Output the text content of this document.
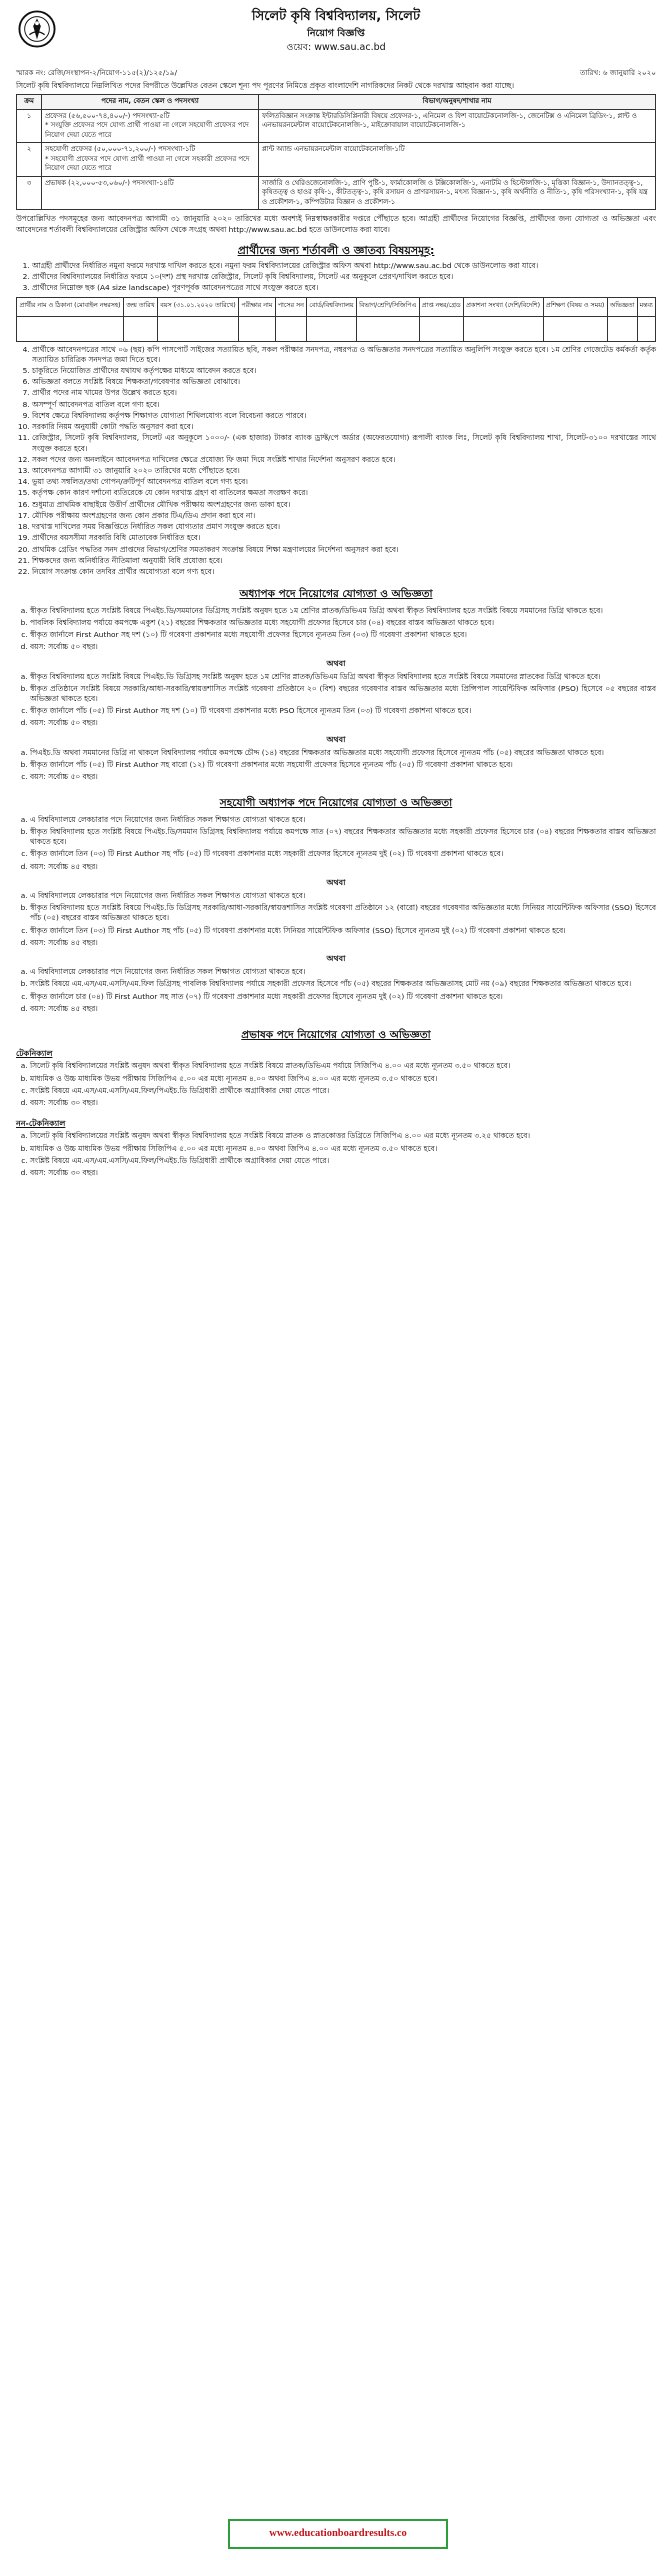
সিলেট কৃষি বিশ্ববিদ্যালয়, সিলেট
নিয়োগ বিজ্ঞপ্তি
ওয়েব: www.sau.ac.bd
স্মারক নং: রেজি/সংস্থাপন-২/নিয়োগ-১১৫(২)/১২৫/১৯/	তারিখ: ৬ জানুয়ারি ২০২০
সিলেট কৃষি বিশ্ববিদ্যালয়ে নিম্নলিখিত পদের বিপরীতে উল্লেখিত বেতন স্কেলে শূন্য পদ পূরণের নিমিত্তে প্রকৃত বাংলাদেশি নাগরিকদের নিকট থেকে দরখাস্ত আহবান করা যাচ্ছে।
ক্রম	পদের নাম, বেতন স্কেল ও পদসংখ্যা	বিভাগ/অনুষদ/শাখার নাম
১	প্রফেসর (৫৬,৫০০-৭৪,৪০০/-) পদসংখ্যা-৫টি
* সংযুক্তি প্রফেসর পদে যোগ্য প্রার্থী পাওয়া না গেলে সহযোগী প্রফেসর পদে নিয়োগ দেয়া যেতে পারে	ফলিতবিজ্ঞান সংক্রান্ত ইন্টারডিসিপ্লিনারী বিষয়ে প্রফেসর-১, এনিমেল ও ফিশ বায়োটেকনোলজি-১, জেনেটিক্স ও এনিমেল ব্রিডিং-১, প্লান্ট ও এনভায়রনমেন্টাল বায়োটেকনোলজি-১, মাইক্রোবায়াল বায়োটেকনোলজি-১
২	সহযোগী প্রফেসর (৫০,০০০-৭১,২০০/-) পদসংখ্যা-১টি
* সহযোগী প্রফেসর পদে যোগ্য প্রার্থী পাওয়া না গেলে সহকারী প্রফেসর পদে নিয়োগ দেয়া যেতে পারে	প্লান্ট অ্যান্ড এনভায়রনমেন্টাল বায়োটেকনোলজি-১টি
৩	প্রভাষক (২২,০০০-৫৩,০৬০/-) পদসংখ্যা-১৪টি	সার্জারি ও থেরিওজেনোলজি-১, প্রাণি পুষ্টি-১, ফার্মাকোলজি ও টক্সিকোলজি-১, এনাটমি ও হিস্টোলজি-১, মৃত্তিকা বিজ্ঞান-১, উদ্যানতত্ত্ব-১, কৃষিতত্ত্ব ও হাওর কৃষি-১, কীটতত্ত্ব-১, কৃষি রসায়ন ও প্রাণরসায়ন-১, মৎস্য বিজ্ঞান-১, কৃষি অর্থনীতি ও নীতি-১, কৃষি পরিসংখ্যান-১, কৃষি যন্ত্র ও প্রকৌশল-১, কম্পিউটার বিজ্ঞান ও প্রকৌশল-১
উপরোল্লিখিত পদসমূহের জন্য আবেদনপত্র আগামী ৩১ জানুয়ারি ২০২০ তারিখের মধ্যে অবশ্যই নিম্নস্বাক্ষরকারীর দপ্তরে পৌঁছাতে হবে। আগ্রহী প্রার্থীদের নিয়োগের বিজ্ঞপ্তি, প্রার্থীদের জন্য যোগ্যতা ও অভিজ্ঞতা এবং আবেদনের শর্তাবলী বিশ্ববিদ্যালয়ের রেজিস্ট্রার অফিস থেকে সংগ্রহ অথবা http://www.sau.ac.bd হতে ডাউনলোড করা যাবে।
প্রার্থীদের জন্য শর্তাবলী ও জ্ঞাতব্য বিষয়সমূহ:
1. আগ্রহী প্রার্থীদের নির্ধারিত নমুনা ফরমে দরখাস্ত দাখিল করতে হবে। নমুনা ফরম বিশ্ববিদ্যালয়ের রেজিস্ট্রার অফিস অথবা http://www.sau.ac.bd থেকে ডাউনলোড করা যাবে।
2. প্রার্থীদের বিশ্ববিদ্যালয়ের নির্ধারিত ফরমে ১০(দশ) প্রস্থ দরখাস্ত রেজিস্ট্রার, সিলেট কৃষি বিশ্ববিদ্যালয়, সিলেট এর অনুকূলে প্রেরণ/দাখিল করতে হবে।
3. প্রার্থীদের নিম্নোক্ত ছক (A4 size landscape) পূরণপূর্বক আবেদনপত্রের সাথে সংযুক্ত করতে হবে।
প্রার্থীর নাম ও ঠিকানা (মোবাইল নম্বরসহ)	জন্ম তারিখ	বয়স (৩১.০১.২০২০ তারিখে)	পরীক্ষার নাম	পাসের সন	বোর্ড/বিশ্ববিদ্যালয়	বিভাগ/শ্রেণি/সিজিপিএ	প্রাপ্ত নম্বর/গ্রেড	প্রকাশনা সংখ্যা (দেশি/বিদেশি)	প্রশিক্ষণ (বিষয় ও সময়)	অভিজ্ঞতা	মন্তব্য

4. প্রার্থীকে আবেদনপত্রের সাথে ০৬ (ছয়) কপি পাসপোর্ট সাইজের সত্যায়িত ছবি, সকল পরীক্ষার সনদপত্র, নম্বরপত্র ও অভিজ্ঞতার সনদপত্রের সত্যায়িত অনুলিপি সংযুক্ত করতে হবে। ১ম শ্রেণির গেজেটেড কর্মকর্তা কর্তৃক সত্যায়িত চারিত্রিক সনদপত্র জমা দিতে হবে।
5. চাকুরিতে নিয়োজিত প্রার্থীদের যথাযথ কর্তৃপক্ষের মাধ্যমে আবেদন করতে হবে।
6. অভিজ্ঞতা বলতে সংশ্লিষ্ট বিষয়ে শিক্ষকতা/গবেষণার অভিজ্ঞতা বোঝাবে।
7. প্রার্থীর পদের নাম খামের উপর উল্লেখ করতে হবে।
8. অসম্পূর্ণ আবেদনপত্র বাতিল বলে গণ্য হবে।
9. বিশেষ ক্ষেত্রে বিশ্ববিদ্যালয় কর্তৃপক্ষ শিক্ষাগত যোগ্যতা শিথিলযোগ্য বলে বিবেচনা করতে পারবে।
10. সরকারি নিয়ম অনুযায়ী কোটা পদ্ধতি অনুসরণ করা হবে।
11. রেজিস্ট্রার, সিলেট কৃষি বিশ্ববিদ্যালয়, সিলেট এর অনুকূলে ১০০০/- (এক হাজার) টাকার ব্যাংক ড্রাফ্ট/পে অর্ডার (অফেরতযোগ্য) রূপালী ব্যাংক লিঃ, সিলেট কৃষি বিশ্ববিদ্যালয় শাখা, সিলেট-৩১০০ দরখাস্তের সাথে সংযুক্ত করতে হবে।
12. সকল পদের জন্য অনলাইনে আবেদনপত্র দাখিলের ক্ষেত্রে প্রযোজ্য ফি জমা দিয়ে সংশ্লিষ্ট শাখার নির্দেশনা অনুসরণ করতে হবে।
13. আবেদনপত্র আগামী ৩১ জানুয়ারি ২০২০ তারিখের মধ্যে পৌঁছাতে হবে।
14. ভুয়া তথ্য সম্বলিত/তথ্য গোপন/ক্রটিপূর্ণ আবেদনপত্র বাতিল বলে গণ্য হবে।
15. কর্তৃপক্ষ কোন কারণ দর্শানো ব্যতিরেকে যে কোন দরখাস্ত গ্রহণ বা বাতিলের ক্ষমতা সংরক্ষণ করে।
16. শুধুমাত্র প্রাথমিক বাছাইয়ে উত্তীর্ণ প্রার্থীদের মৌখিক পরীক্ষায় অংশগ্রহণের জন্য ডাকা হবে।
17. মৌখিক পরীক্ষায় অংশগ্রহণের জন্য কোন প্রকার টিএ/ডিএ প্রদান করা হবে না।
18. দরখাস্ত দাখিলের সময় বিজ্ঞপ্তিতে নির্ধারিত সকল যোগ্যতার প্রমাণ সংযুক্ত করতে হবে।
19. প্রার্থীদের বয়সসীমা সরকারি বিধি মোতাবেক নির্ধারিত হবে।
20. প্রাথমিক গ্রেডিং পদ্ধতির সনদ প্রাপ্তদের বিভাগ/শ্রেণির সমতাকরণ সংক্রান্ত বিষয়ে শিক্ষা মন্ত্রণালয়ের নির্দেশনা অনুসরণ করা হবে।
21. শিক্ষকদের জন্য অনির্ধারিত নীতিমালা অনুযায়ী বিধি প্রযোজ্য হবে।
22. নিয়োগ সংক্রান্ত কোন তদবির প্রার্থীর অযোগ্যতা বলে গণ্য হবে।
অধ্যাপক পদে নিয়োগের যোগ্যতা ও অভিজ্ঞতা
a. স্বীকৃত বিশ্ববিদ্যালয় হতে সংশ্লিষ্ট বিষয়ে পিএইচ.ডি/সমমানের ডিগ্রিসহ সংশ্লিষ্ট অনুষদ হতে ১ম শ্রেণির স্নাতক/ডিভিএম ডিগ্রি অথবা স্বীকৃত বিশ্ববিদ্যালয় হতে সংশ্লিষ্ট বিষয়ে সমমানের ডিগ্রি থাকতে হবে।
b. পাবলিক বিশ্ববিদ্যালয় পর্যায়ে কমপক্ষে একুশ (২১) বছরের শিক্ষকতার অভিজ্ঞতার মধ্যে সহযোগী প্রফেসর হিসেবে চার (০৪) বছরের বাস্তব অভিজ্ঞতা থাকতে হবে।
c. স্বীকৃত জার্নালে First Author সহ দশ (১০) টি গবেষণা প্রকাশনার মধ্যে সহযোগী প্রফেসর হিসেবে ন্যূনতম তিন (০৩) টি গবেষণা প্রকাশনা থাকতে হবে।
d. বয়স: সর্বোচ্চ ৫০ বছর।
অথবা
a. স্বীকৃত বিশ্ববিদ্যালয় হতে সংশ্লিষ্ট বিষয়ে পিএইচ.ডি ডিগ্রিসহ সংশ্লিষ্ট অনুষদ হতে ১ম শ্রেণির স্নাতক/ডিভিএম ডিগ্রি অথবা স্বীকৃত বিশ্ববিদ্যালয় হতে সংশ্লিষ্ট বিষয়ে সমমানের স্নাতকের ডিগ্রি থাকতে হবে।
b. স্বীকৃত প্রতিষ্ঠানে সংশ্লিষ্ট বিষয়ে সরকারি/আধা-সরকারি/স্বায়ত্তশাসিত সংশ্লিষ্ট গবেষণা প্রতিষ্ঠানে ২০ (বিশ) বছরের গবেষণার বাস্তব অভিজ্ঞতার মধ্যে প্রিন্সিপাল সায়েন্টিফিক অফিসার (PSO) হিসেবে ০৫ বছরের বাস্তব অভিজ্ঞতা থাকতে হবে।
c. স্বীকৃত জার্নালে পাঁচ (০৫) টি First Author সহ দশ (১০) টি গবেষণা প্রকাশনার মধ্যে PSO হিসেবে ন্যূনতম তিন (০৩) টি গবেষণা প্রকাশনা থাকতে হবে।
d. বয়স: সর্বোচ্চ ৫০ বছর।
অথবা
a. পিএইচ.ডি অথবা সমমানের ডিগ্রি না থাকলে বিশ্ববিদ্যালয় পর্যায়ে কমপক্ষে চৌদ্দ (১৪) বছরের শিক্ষকতার অভিজ্ঞতার মধ্যে সহযোগী প্রফেসর হিসেবে ন্যূনতম পাঁচ (০৫) বছরের অভিজ্ঞতা থাকতে হবে।
b. স্বীকৃত জার্নালে পাঁচ (০৫) টি First Author সহ বারো (১২) টি গবেষণা প্রকাশনার মধ্যে সহযোগী প্রফেসর হিসেবে ন্যূনতম পাঁচ (০৫) টি গবেষণা প্রকাশনা থাকতে হবে।
c. বয়স: সর্বোচ্চ ৫০ বছর।
সহযোগী অধ্যাপক পদে নিয়োগের যোগ্যতা ও অভিজ্ঞতা
a. এ বিশ্ববিদ্যালয়ে লেকচারার পদে নিয়োগের জন্য নির্ধারিত সকল শিক্ষাগত যোগ্যতা থাকতে হবে।
b. স্বীকৃত বিশ্ববিদ্যালয় হতে সংশ্লিষ্ট বিষয়ে পিএইচ.ডি/সমমান ডিগ্রিসহ বিশ্ববিদ্যালয় পর্যায়ে কমপক্ষে সাত (০৭) বছরের শিক্ষকতার অভিজ্ঞতার মধ্যে সহকারী প্রফেসর হিসেবে চার (০৪) বছরের শিক্ষকতার বাস্তব অভিজ্ঞতা থাকতে হবে।
c. স্বীকৃত জার্নালে তিন (০৩) টি First Author সহ পাঁচ (০৫) টি গবেষণা প্রকাশনার মধ্যে সহকারী প্রফেসর হিসেবে ন্যূনতম দুই (০২) টি গবেষণা প্রকাশনা থাকতে হবে।
d. বয়স: সর্বোচ্চ ৪৫ বছর।
অথবা
a. এ বিশ্ববিদ্যালয়ে লেকচারার পদে নিয়োগের জন্য নির্ধারিত সকল শিক্ষাগত যোগ্যতা থাকতে হবে।
b. স্বীকৃত বিশ্ববিদ্যালয় হতে সংশ্লিষ্ট বিষয়ে পিএইচ.ডি ডিগ্রিসহ সরকারি/আধা-সরকারি/স্বায়ত্তশাসিত সংশ্লিষ্ট গবেষণা প্রতিষ্ঠানে ১২ (বারো) বছরের গবেষণার অভিজ্ঞতার মধ্যে সিনিয়র সায়েন্টিফিক অফিসার (SSO) হিসেবে পাঁচ (০৫) বছরের বাস্তব অভিজ্ঞতা থাকতে হবে।
c. স্বীকৃত জার্নালে তিন (০৩) টি First Author সহ পাঁচ (০৫) টি গবেষণা প্রকাশনার মধ্যে সিনিয়র সায়েন্টিফিক অফিসার (SSO) হিসেবে ন্যূনতম দুই (০২) টি গবেষণা প্রকাশনা থাকতে হবে।
d. বয়স: সর্বোচ্চ ৪৫ বছর।
অথবা
a. এ বিশ্ববিদ্যালয়ে লেকচারার পদে নিয়োগের জন্য নির্ধারিত সকল শিক্ষাগত যোগ্যতা থাকতে হবে।
b. সংশ্লিষ্ট বিষয়ে এম.এস/এম.এসসি/এম.ফিল ডিগ্রিসহ পাবলিক বিশ্ববিদ্যালয় পর্যায়ে সহকারী প্রফেসর হিসেবে পাঁচ (০৫) বছরের শিক্ষকতার অভিজ্ঞতাসহ মোট নয় (০৯) বছরের শিক্ষকতার অভিজ্ঞতা থাকতে হবে।
c. স্বীকৃত জার্নালে চার (০৪) টি First Author সহ সাত (০৭) টি গবেষণা প্রকাশনার মধ্যে সহকারী প্রফেসর হিসেবে ন্যূনতম দুই (০২) টি গবেষণা প্রকাশনা থাকতে হবে।
d. বয়স: সর্বোচ্চ ৪৫ বছর।
প্রভাষক পদে নিয়োগের যোগ্যতা ও অভিজ্ঞতা
টেকনিক্যাল
a. সিলেট কৃষি বিশ্ববিদ্যালয়ের সংশ্লিষ্ট অনুষদ অথবা স্বীকৃত বিশ্ববিদ্যালয় হতে সংশ্লিষ্ট বিষয়ে স্নাতক/ডিভিএম পর্যায়ে সিজিপিএ ৪.০০ এর মধ্যে ন্যূনতম ৩.৫০ থাকতে হবে।
b. মাধ্যমিক ও উচ্চ মাধ্যমিক উভয় পরীক্ষায় সিজিপিএ ৫.০০ এর মধ্যে ন্যূনতম ৪.০০ অথবা জিপিএ ৪.০০ এর মধ্যে ন্যূনতম ৩.৫০ থাকতে হবে।
c. সংশ্লিষ্ট বিষয়ে এম.এস/এম.এসসি/এম.ফিল/পিএইচ.ডি ডিগ্রিধারী প্রার্থীকে অগ্রাধিকার দেয়া যেতে পারে।
d. বয়স: সর্বোচ্চ ৩০ বছর।
নন-টেকনিক্যাল
a. সিলেট কৃষি বিশ্ববিদ্যালয়ের সংশ্লিষ্ট অনুষদ অথবা স্বীকৃত বিশ্ববিদ্যালয় হতে সংশ্লিষ্ট বিষয়ে স্নাতক ও স্নাতকোত্তর ডিগ্রিতে সিজিপিএ ৪.০০ এর মধ্যে ন্যূনতম ৩.২৫ থাকতে হবে।
b. মাধ্যমিক ও উচ্চ মাধ্যমিক উভয় পরীক্ষায় সিজিপিএ ৫.০০ এর মধ্যে ন্যূনতম ৪.০০ অথবা জিপিএ ৪.০০ এর মধ্যে ন্যূনতম ৩.৫০ থাকতে হবে।
c. সংশ্লিষ্ট বিষয়ে এম.এস/এম.এসসি/এম.ফিল/পিএইচ.ডি ডিগ্রিধারী প্রার্থীকে অগ্রাধিকার দেয়া যেতে পারে।
d. বয়স: সর্বোচ্চ ৩০ বছর।
www.educationboardresults.co
